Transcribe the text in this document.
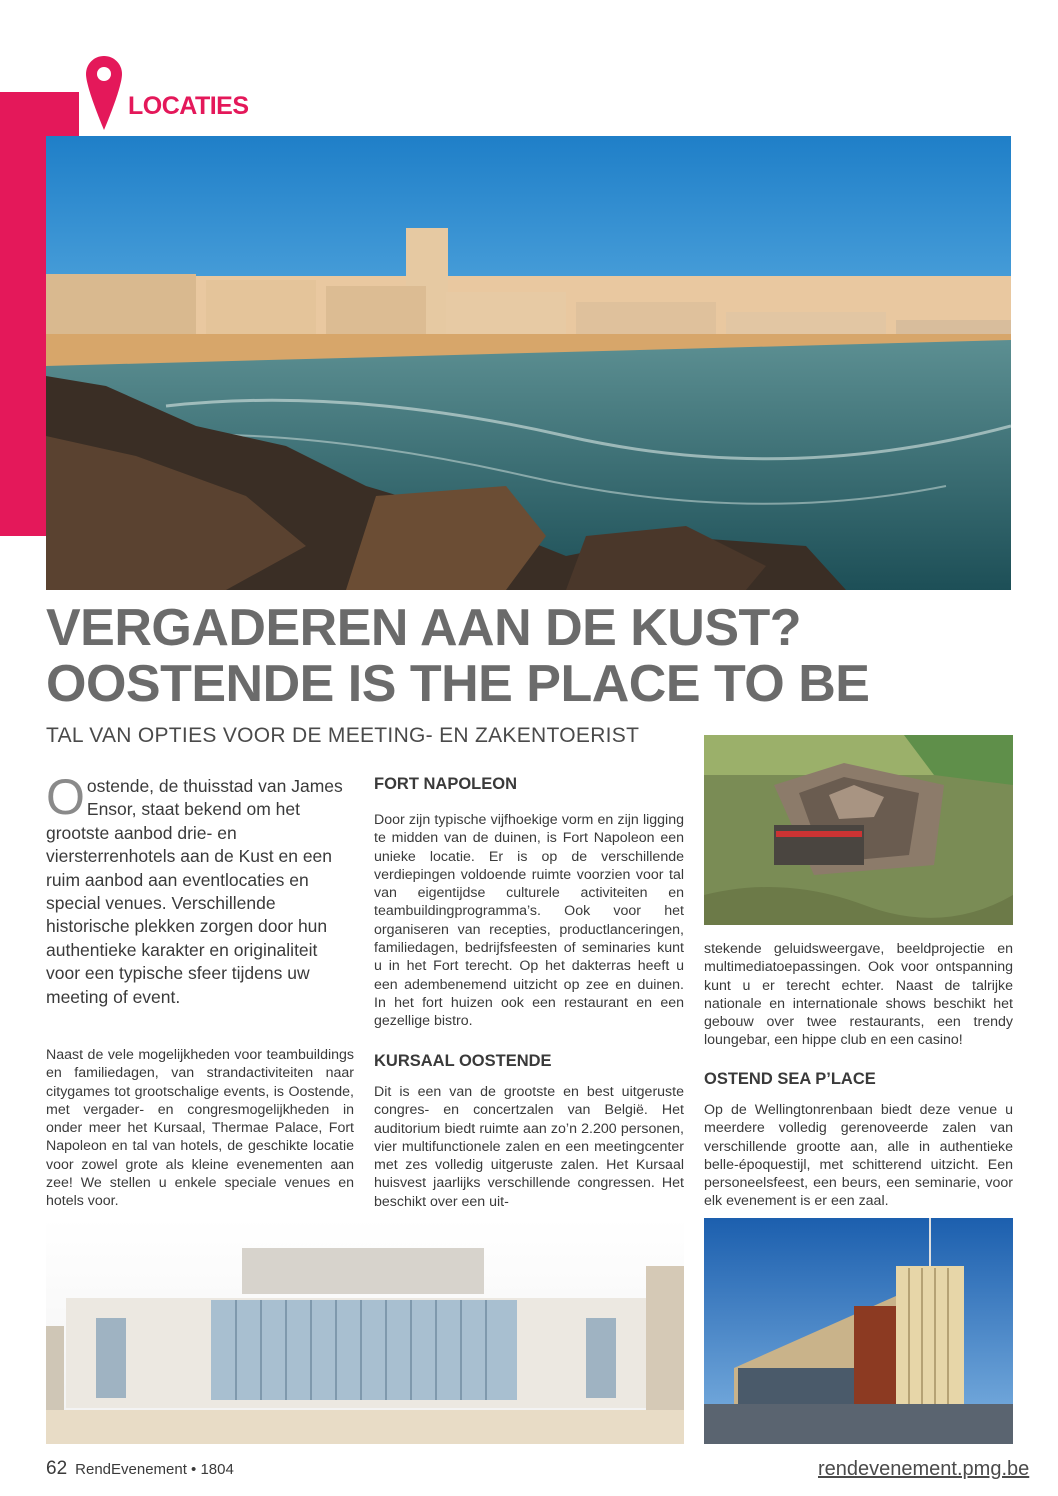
LOCATIES
VERGADEREN AAN DE KUST?
OOSTENDE IS THE PLACE TO BE
TAL VAN OPTIES VOOR DE MEETING- EN ZAKENTOERIST
Oostende, de thuisstad van James Ensor, staat bekend om het grootste aanbod drie- en viersterrenhotels aan de Kust en een ruim aanbod aan eventlocaties en special venues. Verschillende historische plekken zorgen door hun authentieke karakter en originaliteit voor een typische sfeer tijdens uw meeting of event.
Naast de vele mogelijkheden voor teambuildings en familiedagen, van strandactiviteiten naar citygames tot grootschalige events, is Oostende, met vergader- en congresmogelijkheden in onder meer het Kursaal, Thermae Palace, Fort Napoleon en tal van hotels, de geschikte locatie voor zowel grote als kleine evenementen aan zee! We stellen u enkele speciale venues en hotels voor.
FORT NAPOLEON
Door zijn typische vijfhoekige vorm en zijn ligging te midden van de duinen, is Fort Napoleon een unieke locatie. Er is op de verschillende verdiepingen voldoende ruimte voorzien voor tal van eigentijdse culturele activiteiten en teambuildingprogramma’s. Ook voor het organiseren van recepties, productlanceringen, familiedagen, bedrijfsfeesten of seminaries kunt u in het Fort terecht. Op het dakterras heeft u een adembenemend uitzicht op zee en duinen. In het fort huizen ook een restaurant en een gezellige bistro.
KURSAAL OOSTENDE
Dit is een van de grootste en best uitgeruste congres- en concertzalen van België. Het auditorium biedt ruimte aan zo’n 2.200 personen, vier multifunctionele zalen en een meetingcenter met zes volledig uitgeruste zalen. Het Kursaal huisvest jaarlijks verschillende congressen. Het beschikt over een uit-
stekende geluidsweergave, beeldprojectie en multimediatoepassingen. Ook voor ontspanning kunt u er terecht echter. Naast de talrijke nationale en internationale shows beschikt het gebouw over twee restaurants, een trendy loungebar, een hippe club en een casino!
OSTEND SEA P’LACE
Op de Wellingtonrenbaan biedt deze venue u meerdere volledig gerenoveerde zalen van verschillende grootte aan, alle in authentieke belle-époquestijl, met schitterend uitzicht. Een personeelsfeest, een beurs, een seminarie, voor elk evenement is er een zaal.
62 RendEvenement • 1804	rendevenement.pmg.be
